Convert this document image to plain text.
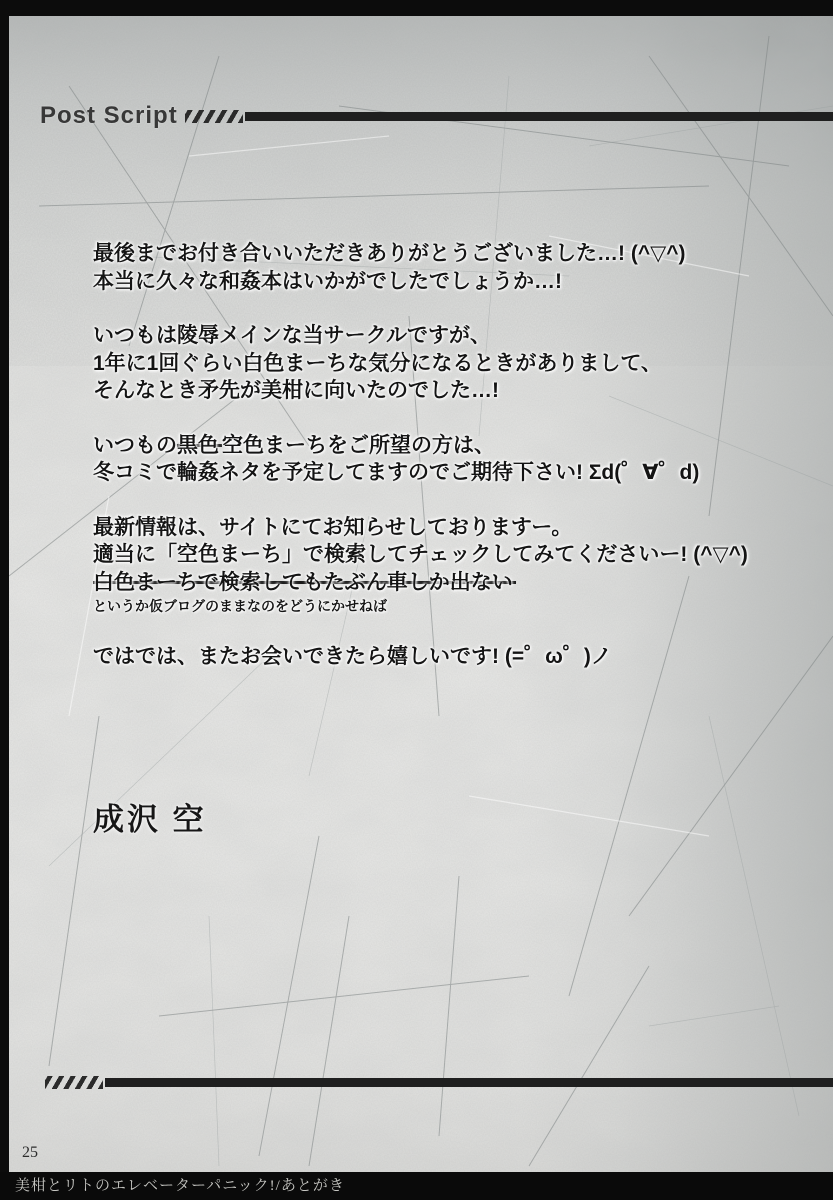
Post Script

最後までお付き合いいただきありがとうございました…! (^▽^)
本当に久々な和姦本はいかがでしたでしょうか…!

いつもは陵辱メインな当サークルですが、
1年に1回ぐらい白色まーちな気分になるときがありまして、
そんなとき矛先が美柑に向いたのでした…!

いつもの黒色 空色まーちをご所望の方は、
冬コミで輪姦ネタを予定してますのでご期待下さい! Σd(゜∀゜d)

最新情報は、サイトにてお知らせしておりますー。
適当に「空色まーち」で検索してチェックしてみてくださいー! (^▽^)
白色まーちで検索してもたぶん車しか出ない

というか仮ブログのままなのをどうにかせねば

ではでは、またお会いできたら嬉しいです! (=゜ω゜)ノ

成沢 空
25
美柑とリトのエレベーターパニック!/あとがき
